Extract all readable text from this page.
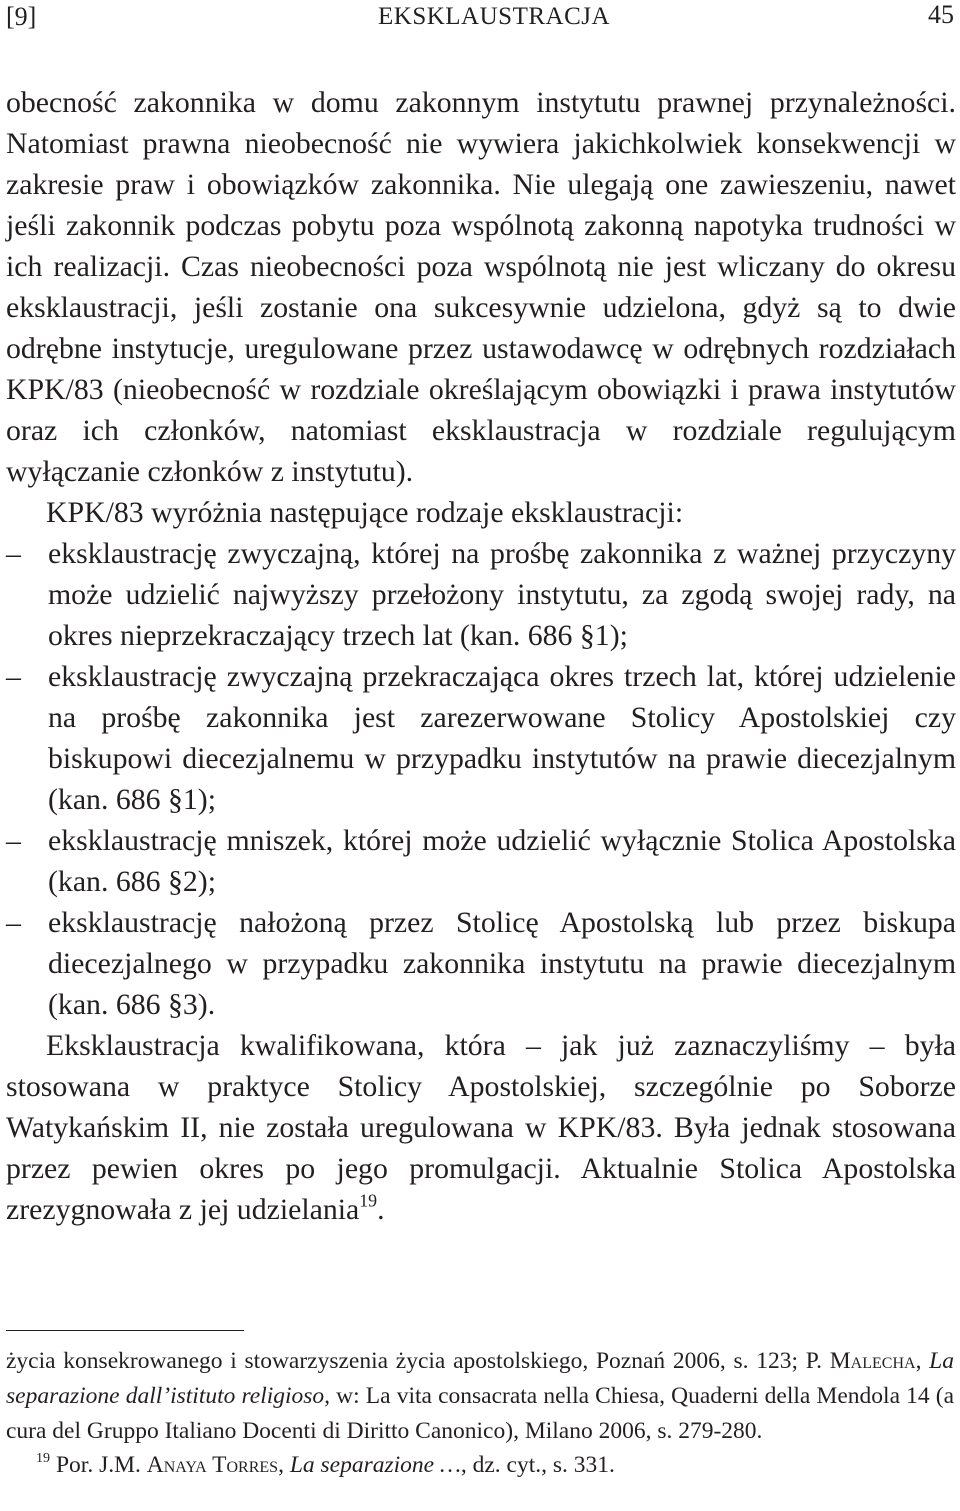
[9]	EKSKLAUSTRACJA	45

obecność zakonnika w domu zakonnym instytutu prawnej przynależności. Natomiast prawna nieobecność nie wywiera jakichkolwiek konsekwencji w zakresie praw i obowiązków zakonnika. Nie ulegają one zawieszeniu, nawet jeśli zakonnik podczas pobytu poza wspólnotą zakonną napotyka trudności w ich realizacji. Czas nieobecności poza wspólnotą nie jest wliczany do okresu eksklaustracji, jeśli zostanie ona sukcesywnie udzielona, gdyż są to dwie odrębne instytucje, uregulowane przez ustawodawcę w odrębnych rozdziałach KPK/83 (nieobecność w rozdziale określającym obowiązki i prawa instytutów oraz ich członków, natomiast eksklaustracja w rozdziale regulującym wyłączanie członków z instytutu).

KPK/83 wyróżnia następujące rodzaje eksklaustracji:

– eksklaustrację zwyczajną, której na prośbę zakonnika z ważnej przyczyny może udzielić najwyższy przełożony instytutu, za zgodą swojej rady, na okres nieprzekraczający trzech lat (kan. 686 §1);

– eksklaustrację zwyczajną przekraczająca okres trzech lat, której udzielenie na prośbę zakonnika jest zarezerwowane Stolicy Apostolskiej czy biskupowi diecezjalnemu w przypadku instytutów na prawie diecezjalnym (kan. 686 §1);

– eksklaustrację mniszek, której może udzielić wyłącznie Stolica Apostolska (kan. 686 §2);

– eksklaustrację nałożoną przez Stolicę Apostolską lub przez biskupa diecezjalnego w przypadku zakonnika instytutu na prawie diecezjalnym (kan. 686 §3).

Eksklaustracja kwalifikowana, która – jak już zaznaczyliśmy – była stosowana w praktyce Stolicy Apostolskiej, szczególnie po Soborze Watykańskim II, nie została uregulowana w KPK/83. Była jednak stosowana przez pewien okres po jego promulgacji. Aktualnie Stolica Apostolska zrezygnowała z jej udzielania$^{19}$.

życia konsekrowanego i stowarzyszenia życia apostolskiego, Poznań 2006, s. 123; P. Malecha, La separazione dall’istituto religioso, w: La vita consacrata nella Chiesa, Quaderni della Mendola 14 (a cura del Gruppo Italiano Docenti di Diritto Canonico), Milano 2006, s. 279-280.

$^{19}$ Por. J.M. Anaya Torres, La separazione …, dz. cyt., s. 331.
